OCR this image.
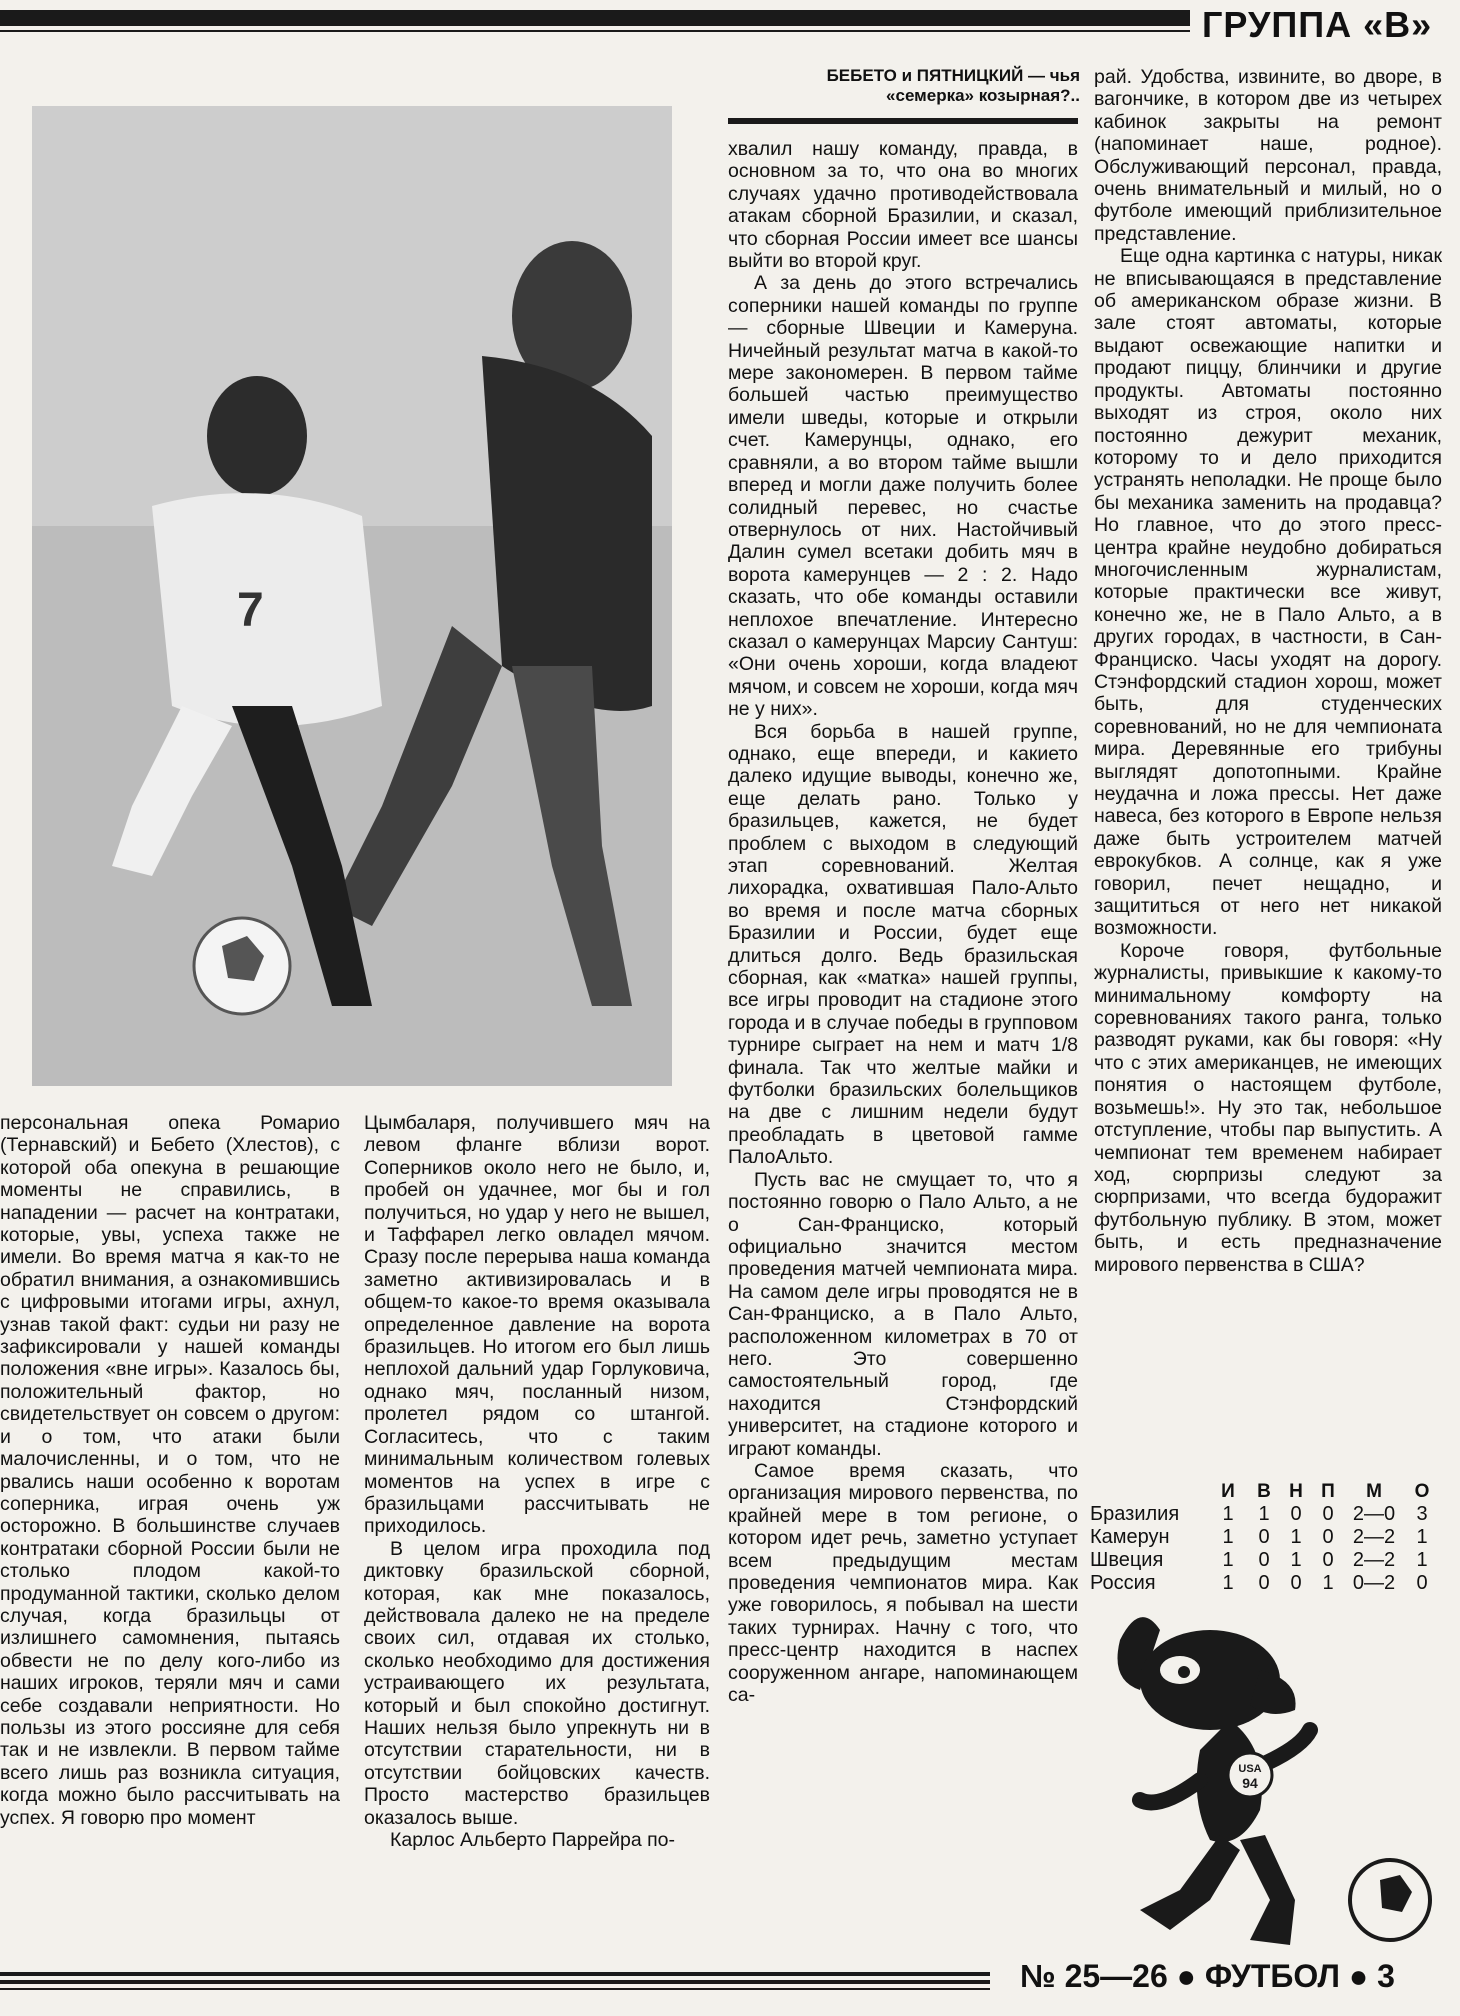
ГРУППА «В»
7
БЕБЕТО и ПЯТНИЦКИЙ — чья
«семерка» козырная?..

персональная опека Ромарио (Тернавский) и Бебето (Хлестов), с которой оба опекуна в решающие моменты не справились, в нападении — расчет на контратаки, которые, увы, успеха также не имели. Во время матча я как-то не обратил внимания, а ознакомившись с цифровыми итогами игры, ахнул, узнав такой факт: судьи ни разу не зафиксировали у нашей команды положения «вне игры». Казалось бы, положительный фактор, но свидетельствует он совсем о другом: и о том, что атаки были малочисленны, и о том, что не рвались наши особенно к воротам соперника, играя очень уж осторожно. В большинстве случаев контратаки сборной России были не столько плодом какой-то продуманной тактики, сколько делом случая, когда бразильцы от излишнего самомнения, пытаясь обвести не по делу кого-либо из наших игроков, теряли мяч и сами себе создавали неприятности. Но пользы из этого россияне для себя так и не извлекли. В первом тайме всего лишь раз возникла ситуация, когда можно было рассчитывать на успех. Я говорю про момент

Цымбаларя, получившего мяч на левом фланге вблизи ворот. Соперников около него не было, и, пробей он удачнее, мог бы и гол получиться, но удар у него не вышел, и Таффарел легко овладел мячом. Сразу после перерыва наша команда заметно активизировалась и в общем-то какое-то время оказывала определенное давление на ворота бразильцев. Но итогом его был лишь неплохой дальний удар Горлуковича, однако мяч, посланный низом, пролетел рядом со штангой. Согласитесь, что с таким минимальным количеством голевых моментов на успех в игре с бразильцами рассчитывать не приходилось.

В целом игра проходила под диктовку бразильской сборной, которая, как мне показалось, действовала далеко не на пределе своих сил, отдавая их столько, сколько необходимо для достижения устраивающего их результата, который и был спокойно достигнут. Наших нельзя было упрекнуть ни в отсутствии старательности, ни в отсутствии бойцовских качеств. Просто мастерство бразильцев оказалось выше.

Карлос Альберто Паррейра по-

хвалил нашу команду, правда, в основном за то, что она во многих случаях удачно противодействовала атакам сборной Бразилии, и сказал, что сборная России имеет все шансы выйти во второй круг.

А за день до этого встречались соперники нашей команды по группе — сборные Швеции и Камеруна. Ничейный результат матча в какой-то мере закономерен. В первом тайме большей частью преимущество имели шведы, которые и открыли счет. Камерунцы, однако, его сравняли, а во втором тайме вышли вперед и могли даже получить более солидный перевес, но счастье отвернулось от них. Настойчивый Далин сумел всетаки добить мяч в ворота камерунцев — 2 : 2. Надо сказать, что обе команды оставили неплохое впечатление. Интересно сказал о камерунцах Марсиу Сантуш: «Они очень хороши, когда владеют мячом, и совсем не хороши, когда мяч не у них».

Вся борьба в нашей группе, однако, еще впереди, и какието далеко идущие выводы, конечно же, еще делать рано. Только у бразильцев, кажется, не будет проблем с выходом в следующий этап соревнований. Желтая лихорадка, охватившая Пало-Альто во время и после матча сборных Бразилии и России, будет еще длиться долго. Ведь бразильская сборная, как «матка» нашей группы, все игры проводит на стадионе этого города и в случае победы в групповом турнире сыграет на нем и матч 1/8 финала. Так что желтые майки и футболки бразильских болельщиков на две с лишним недели будут преобладать в цветовой гамме ПалоАльто.

Пусть вас не смущает то, что я постоянно говорю о Пало Альто, а не о Сан-Франциско, который официально значится местом проведения матчей чемпионата мира. На самом деле игры проводятся не в Сан-Франциско, а в Пало Альто, расположенном километрах в 70 от него. Это совершенно самостоятельный город, где находится Стэнфордский университет, на стадионе которого и играют команды.

Самое время сказать, что организация мирового первенства, по крайней мере в том регионе, о котором идет речь, заметно уступает всем предыдущим местам проведения чемпионатов мира. Как уже говорилось, я побывал на шести таких турнирах. Начну с того, что пресс-центр находится в наспех сооруженном ангаре, напоминающем са-

рай. Удобства, извините, во дворе, в вагончике, в котором две из четырех кабинок закрыты на ремонт (напоминает наше, родное). Обслуживающий персонал, правда, очень внимательный и милый, но о футболе имеющий приблизительное представление.

Еще одна картинка с натуры, никак не вписывающаяся в представление об американском образе жизни. В зале стоят автоматы, которые выдают освежающие напитки и продают пиццу, блинчики и другие продукты. Автоматы постоянно выходят из строя, около них постоянно дежурит механик, которому то и дело приходится устранять неполадки. Не проще было бы механика заменить на продавца? Но главное, что до этого пресс-центра крайне неудобно добираться многочисленным журналистам, которые практически все живут, конечно же, не в Пало Альто, а в других городах, в частности, в Сан-Франциско. Часы уходят на дорогу. Стэнфордский стадион хорош, может быть, для студенческих соревнований, но не для чемпионата мира. Деревянные его трибуны выглядят допотопными. Крайне неудачна и ложа прессы. Нет даже навеса, без которого в Европе нельзя даже быть устроителем матчей еврокубков. А солнце, как я уже говорил, печет нещадно, и защититься от него нет никакой возможности.

Короче говоря, футбольные журналисты, привыкшие к какому-то минимальному комфорту на соревнованиях такого ранга, только разводят руками, как бы говоря: «Ну что с этих американцев, не имеющих понятия о настоящем футболе, возьмешь!». Ну это так, небольшое отступление, чтобы пар выпустить. А чемпионат тем временем набирает ход, сюрпризы следуют за сюрпризами, что всегда будоражит футбольную публику. В этом, может быть, и есть предназначение мирового первенства в США?

	И	В	Н	П	М	О
Бразилия	1	1	0	0	2—0	3
Камерун	1	0	1	0	2—2	1
Швеция	1	0	1	0	2—2	1
Россия	1	0	0	1	0—2	0
USA
94
№ 25—26 ● ФУТБОЛ ● 3
